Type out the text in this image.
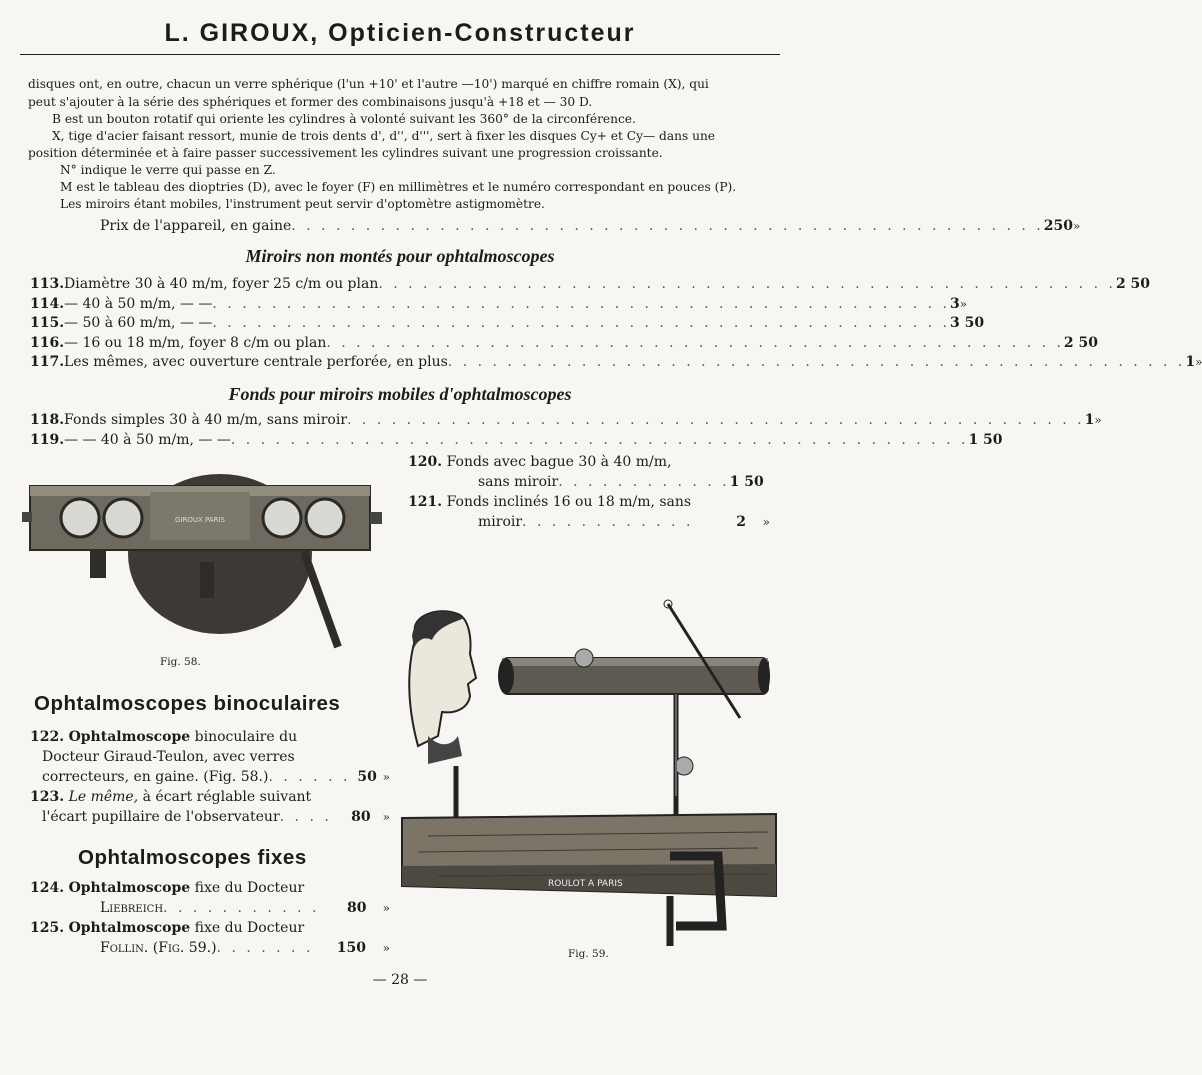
L. GIROUX, Opticien-Constructeur
disques ont, en outre, chacun un verre sphérique (l'un +10' et l'autre —10') marqué en chiffre romain (X), qui
peut s'ajouter à la série des sphériques et former des combinaisons jusqu'à +18 et — 30 D.
B est un bouton rotatif qui oriente les cylindres à volonté suivant les 360° de la circonférence.
X, tige d'acier faisant ressort, munie de trois dents d', d'', d''', sert à fixer les disques Cy+ et Cy— dans une
position déterminée et à faire passer successivement les cylindres suivant une progression croissante.
N° indique le verre qui passe en Z.
M est le tableau des dioptries (D), avec le foyer (F) en millimètres et le numéro correspondant en pouces (P).
Les miroirs étant mobiles, l'instrument peut servir d'optomètre astigmomètre.
Prix de l'appareil, en gaine . . . . . . . . . . . . . . . . . . . . . . . . . . . . . . . . . . . . . . . . . . . . . . . . . . . 250 »
Miroirs non montés pour ophtalmoscopes
113. Diamètre 30 à 40 m/m, foyer 25 c/m ou plan . . . . . . . . . . . . . . . . . . . . . . . . . . . . . . . . . . . . . . . . . . . . . . . . . . 2 50
114. — 40 à 50 m/m, — — . . . . . . . . . . . . . . . . . . . . . . . . . . . . . . . . . . . . . . . . . . . . . . . . . . 3 »
115. — 50 à 60 m/m, — — . . . . . . . . . . . . . . . . . . . . . . . . . . . . . . . . . . . . . . . . . . . . . . . . . . 3 50
116. — 16 ou 18 m/m, foyer 8 c/m ou plan . . . . . . . . . . . . . . . . . . . . . . . . . . . . . . . . . . . . . . . . . . . . . . . . . . 2 50
117. Les mêmes, avec ouverture centrale perforée, en plus . . . . . . . . . . . . . . . . . . . . . . . . . . . . . . . . . . . . . . . . . . . . . . . . . . 1 »
Fonds pour miroirs mobiles d'ophtalmoscopes
118. Fonds simples 30 à 40 m/m, sans miroir . . . . . . . . . . . . . . . . . . . . . . . . . . . . . . . . . . . . . . . . . . . . . . . . . . 1 »
119. — — 40 à 50 m/m, — — . . . . . . . . . . . . . . . . . . . . . . . . . . . . . . . . . . . . . . . . . . . . . . . . . . 1 50
120. Fonds avec bague 30 à 40 m/m,
sans miroir . . . . . . . . . . . . 1 50
121. Fonds inclinés 16 ou 18 m/m, sans
miroir . . . . . . . . . . . .	2	»
GIROUX PARIS
Fig. 58.
Ophtalmoscopes binoculaires
122. Ophtalmoscope binoculaire du
Docteur Giraud-Teulon, avec verres
correcteurs, en gaine. (Fig. 58.) . . . . . . 50 »
123. Le même, à écart réglable suivant
l'écart pupillaire de l'observateur . . . .	80	»
Ophtalmoscopes fixes
124. Ophtalmoscope fixe du Docteur
Liebreich . . . . . . . . . . .	80	»
125. Ophtalmoscope fixe du Docteur
Follin. (Fig. 59.) . . . . . . .	150	»
ROULOT A PARIS
Fig. 59.
— 28 —
